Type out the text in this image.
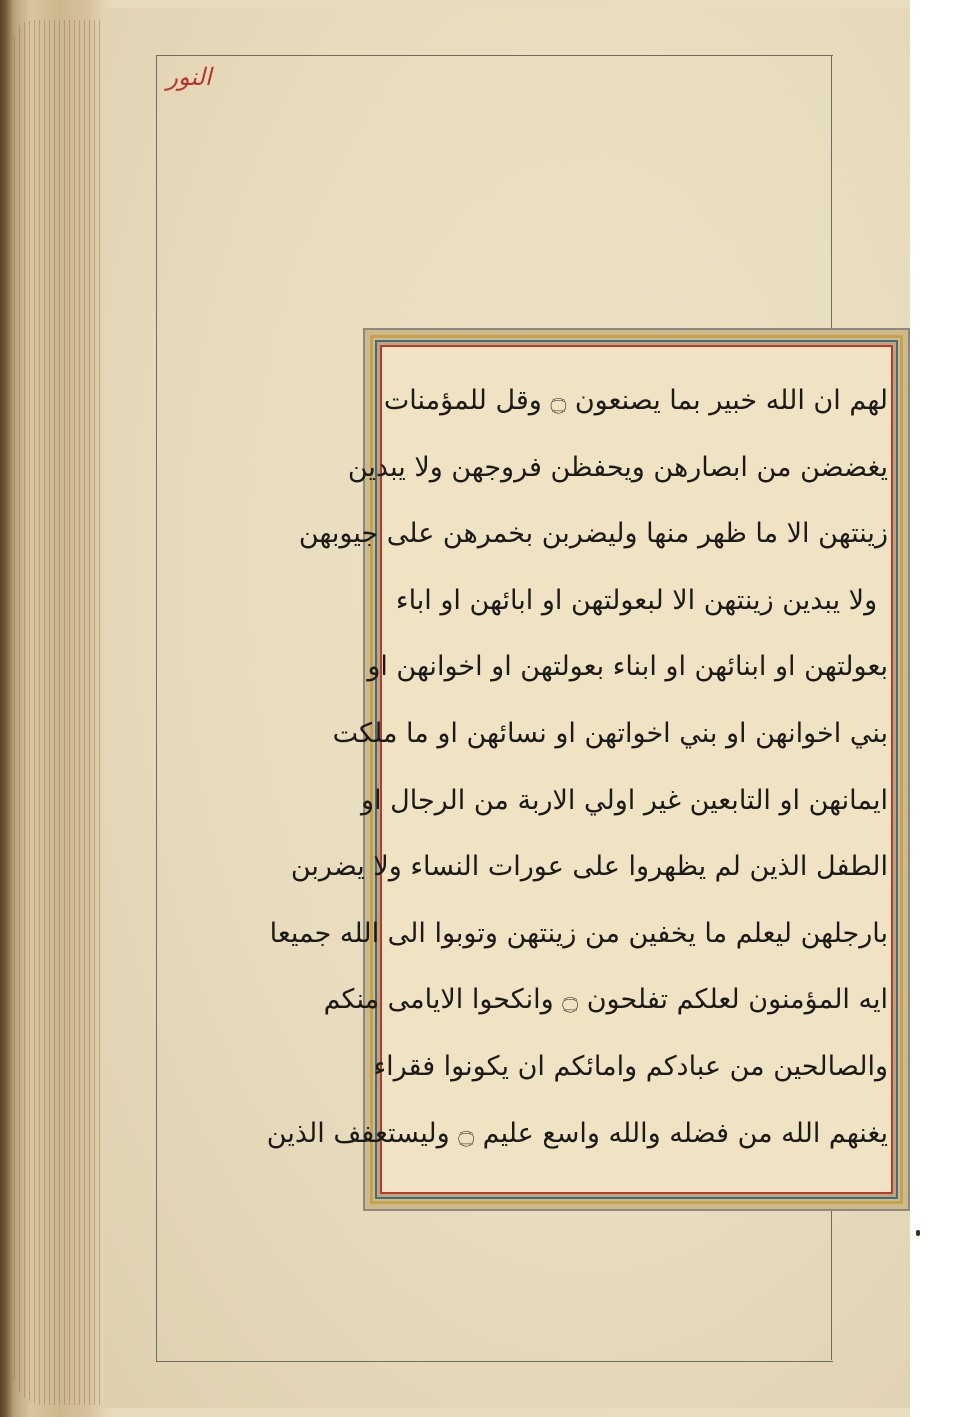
النور
لهم ان الله خبير بما يصنعون ۝ وقل للمؤمنات
يغضضن من ابصارهن ويحفظن فروجهن ولا يبدين
زينتهن الا ما ظهر منها وليضربن بخمرهن على جيوبهن
ولا يبدين زينتهن الا لبعولتهن او ابائهن او اباء
بعولتهن او ابنائهن او ابناء بعولتهن او اخوانهن او
بني اخوانهن او بني اخواتهن او نسائهن او ما ملكت
ايمانهن او التابعين غير اولي الاربة من الرجال او
الطفل الذين لم يظهروا على عورات النساء ولا يضربن
بارجلهن ليعلم ما يخفين من زينتهن وتوبوا الى الله جميعا
ايه المؤمنون لعلكم تفلحون ۝ وانكحوا الايامى منكم
والصالحين من عبادكم وامائكم ان يكونوا فقراء
يغنهم الله من فضله والله واسع عليم ۝ وليستعفف الذين
